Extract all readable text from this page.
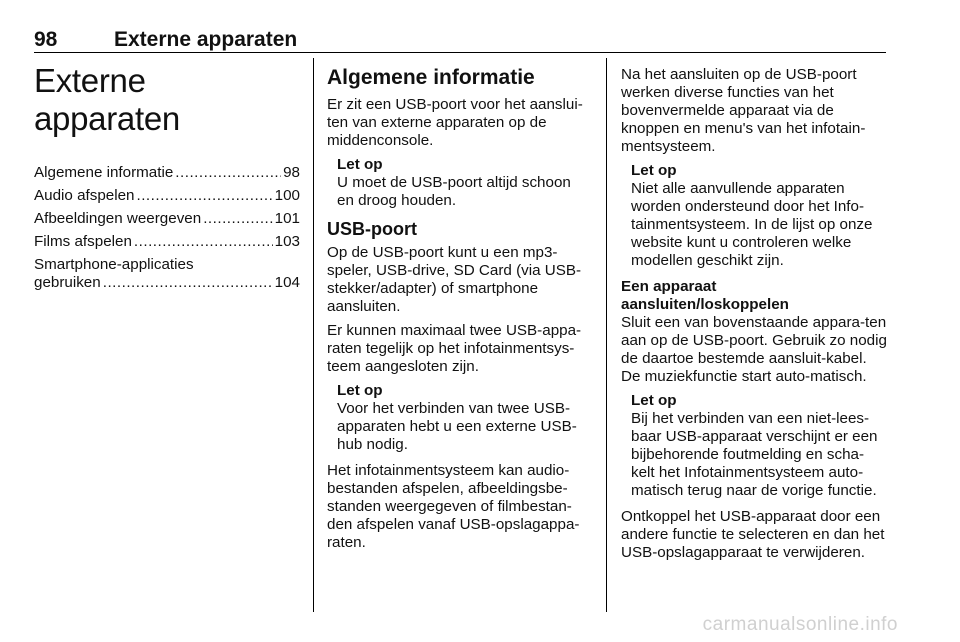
98	Externe apparaten
Externe apparaten
Algemene informatie .....	98
Audio afspelen .....	100
Afbeeldingen weergeven .....	101
Films afspelen .....	103
Smartphone-applicaties
gebruiken .....	104
Algemene informatie

Er zit een USB-poort voor het aanslui-ten van externe apparaten op de middenconsole.

Let op
U moet de USB-poort altijd schoon en droog houden.
USB-poort

Op de USB-poort kunt u een mp3-speler, USB-drive, SD Card (via USB-stekker/adapter) of smartphone aansluiten.

Er kunnen maximaal twee USB-appa-raten tegelijk op het infotainmentsys-teem aangesloten zijn.

Let op
Voor het verbinden van twee USB-apparaten hebt u een externe USB-hub nodig.

Het infotainmentsysteem kan audio-bestanden afspelen, afbeeldingsbe-standen weergegeven of filmbestan-den afspelen vanaf USB-opslagappa-raten.

Na het aansluiten op de USB-poort werken diverse functies van het bovenvermelde apparaat via de knoppen en menu's van het infotain-mentsysteem.

Let op
Niet alle aanvullende apparaten worden ondersteund door het Info-tainmentsysteem. In de lijst op onze website kunt u controleren welke modellen geschikt zijn.
Een apparaat aansluiten/loskoppelen

Sluit een van bovenstaande appara-ten aan op de USB-poort. Gebruik zo nodig de daartoe bestemde aansluit-kabel. De muziekfunctie start auto-matisch.

Let op
Bij het verbinden van een niet-lees-baar USB-apparaat verschijnt er een bijbehorende foutmelding en scha-kelt het Infotainmentsysteem auto-matisch terug naar de vorige functie.

Ontkoppel het USB-apparaat door een andere functie te selecteren en dan het USB-opslagapparaat te verwijderen.

carmanualsonline.info
